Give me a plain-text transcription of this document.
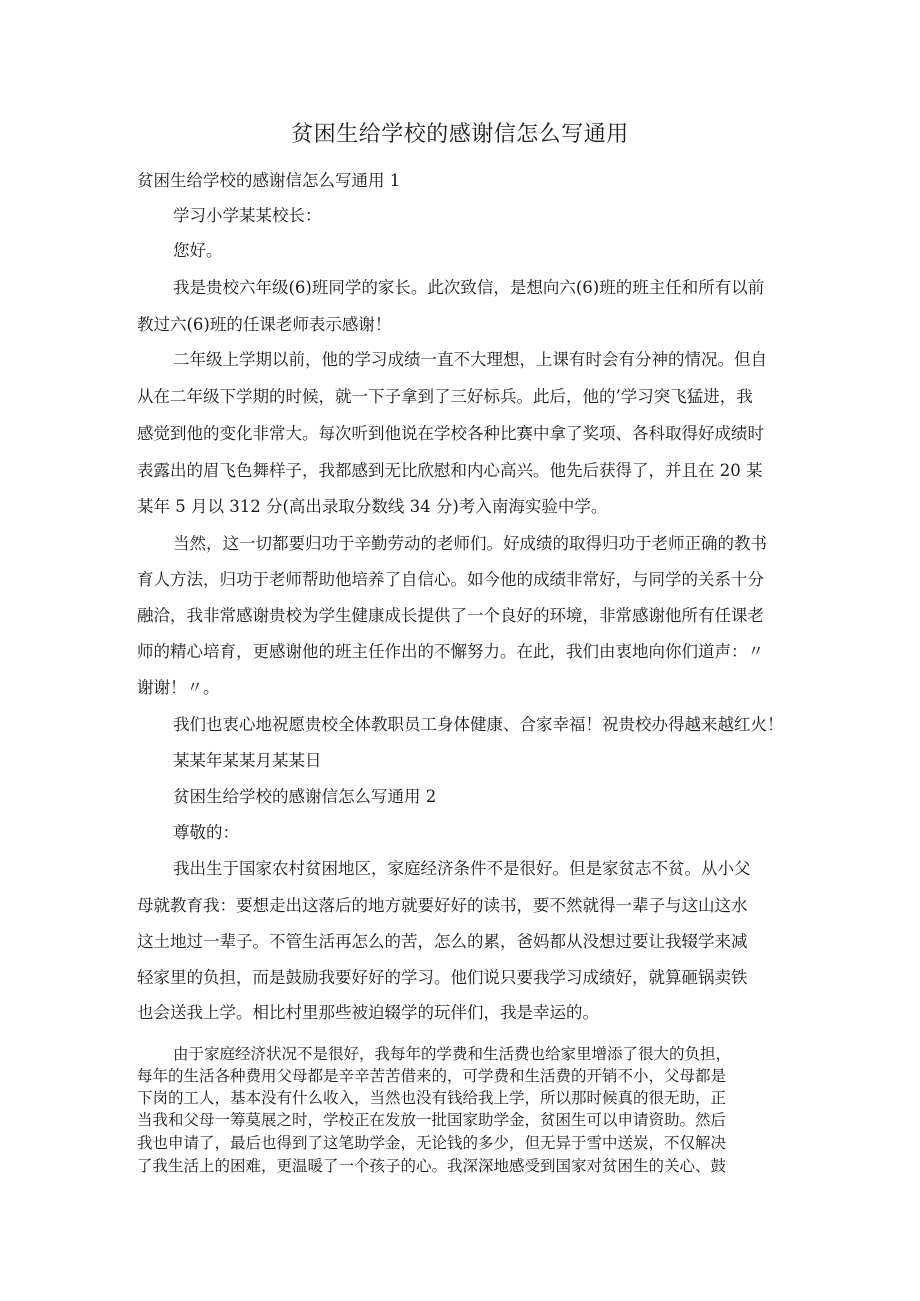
贫困生给学校的感谢信怎么写通用

贫困生给学校的感谢信怎么写通用 1

学习小学某某校长：

您好。

我是贵校六年级(6)班同学的家长。此次致信，是想向六(6)班的班主任和所有以前

教过六(6)班的任课老师表示感谢！

二年级上学期以前，他的学习成绩一直不大理想，上课有时会有分神的情况。但自

从在二年级下学期的时候，就一下子拿到了三好标兵。此后，他的’学习突飞猛进，我

感觉到他的变化非常大。每次听到他说在学校各种比赛中拿了奖项、各科取得好成绩时

表露出的眉飞色舞样子，我都感到无比欣慰和内心高兴。他先后获得了，并且在 20 某

某年 5 月以 312 分(高出录取分数线 34 分)考入南海实验中学。

当然，这一切都要归功于辛勤劳动的老师们。好成绩的取得归功于老师正确的教书

育人方法，归功于老师帮助他培养了自信心。如今他的成绩非常好，与同学的关系十分

融洽，我非常感谢贵校为学生健康成长提供了一个良好的环境，非常感谢他所有任课老

师的精心培育，更感谢他的班主任作出的不懈努力。在此，我们由衷地向你们道声：〃

谢谢！〃。

我们也衷心地祝愿贵校全体教职员工身体健康、合家幸福！祝贵校办得越来越红火！

某某年某某月某某日

贫困生给学校的感谢信怎么写通用 2

尊敬的：

我出生于国家农村贫困地区，家庭经济条件不是很好。但是家贫志不贫。从小父

母就教育我：要想走出这落后的地方就要好好的读书，要不然就得一辈子与这山这水

这土地过一辈子。不管生活再怎么的苦，怎么的累，爸妈都从没想过要让我辍学来减

轻家里的负担，而是鼓励我要好好的学习。他们说只要我学习成绩好，就算砸锅卖铁

也会送我上学。相比村里那些被迫辍学的玩伴们，我是幸运的。

由于家庭经济状况不是很好，我每年的学费和生活费也给家里增添了很大的负担，

每年的生活各种费用父母都是辛辛苦苦借来的，可学费和生活费的开销不小，父母都是

下岗的工人，基本没有什么收入，当然也没有钱给我上学，所以那时候真的很无助，正

当我和父母一筹莫展之时，学校正在发放一批国家助学金，贫困生可以申请资助。然后

我也申请了，最后也得到了这笔助学金，无论钱的多少，但无异于雪中送炭，不仅解决

了我生活上的困难，更温暖了一个孩子的心。我深深地感受到国家对贫困生的关心、鼓
